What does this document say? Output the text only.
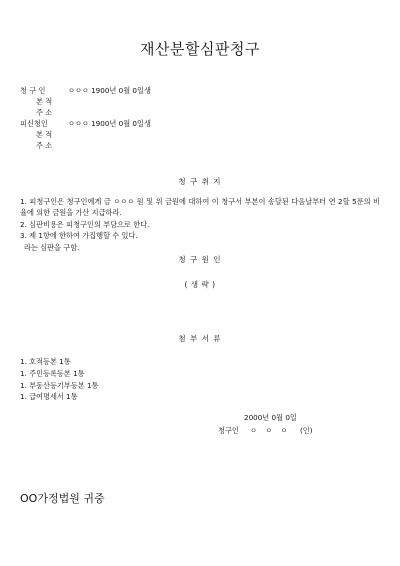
재산분할심판청구
청 구 인	ㅇㅇㅇ 1900년 0월 0일생
본 적
주 소
피신청인	ㅇㅇㅇ 1900년 0월 0일생
본 적
주 소
청 구 취 지
1. 피청구인은 청구인에게 금 ㅇㅇㅇ 원 및 위 금원에 대하여 이 청구서 부본이 송달된 다음날부터 연 2할 5푼의 비율에 의한 금원을 가산 지급하라.
2. 심판비용은 피청구인의 부담으로 한다.
3. 제 1항에 한하여 가집행할 수 있다.
라는 심판을 구함.
청 구 원 인
( 생 략 )
첨 부 서 류
1. 호적등본 1통
1. 주민등록등본 1통
1. 부동산등기부등본 1통
1. 급여명세서 1통
2000년 0월 0일
청구인 ㅇ ㅇ ㅇ (인)
OO가정법원 귀중
